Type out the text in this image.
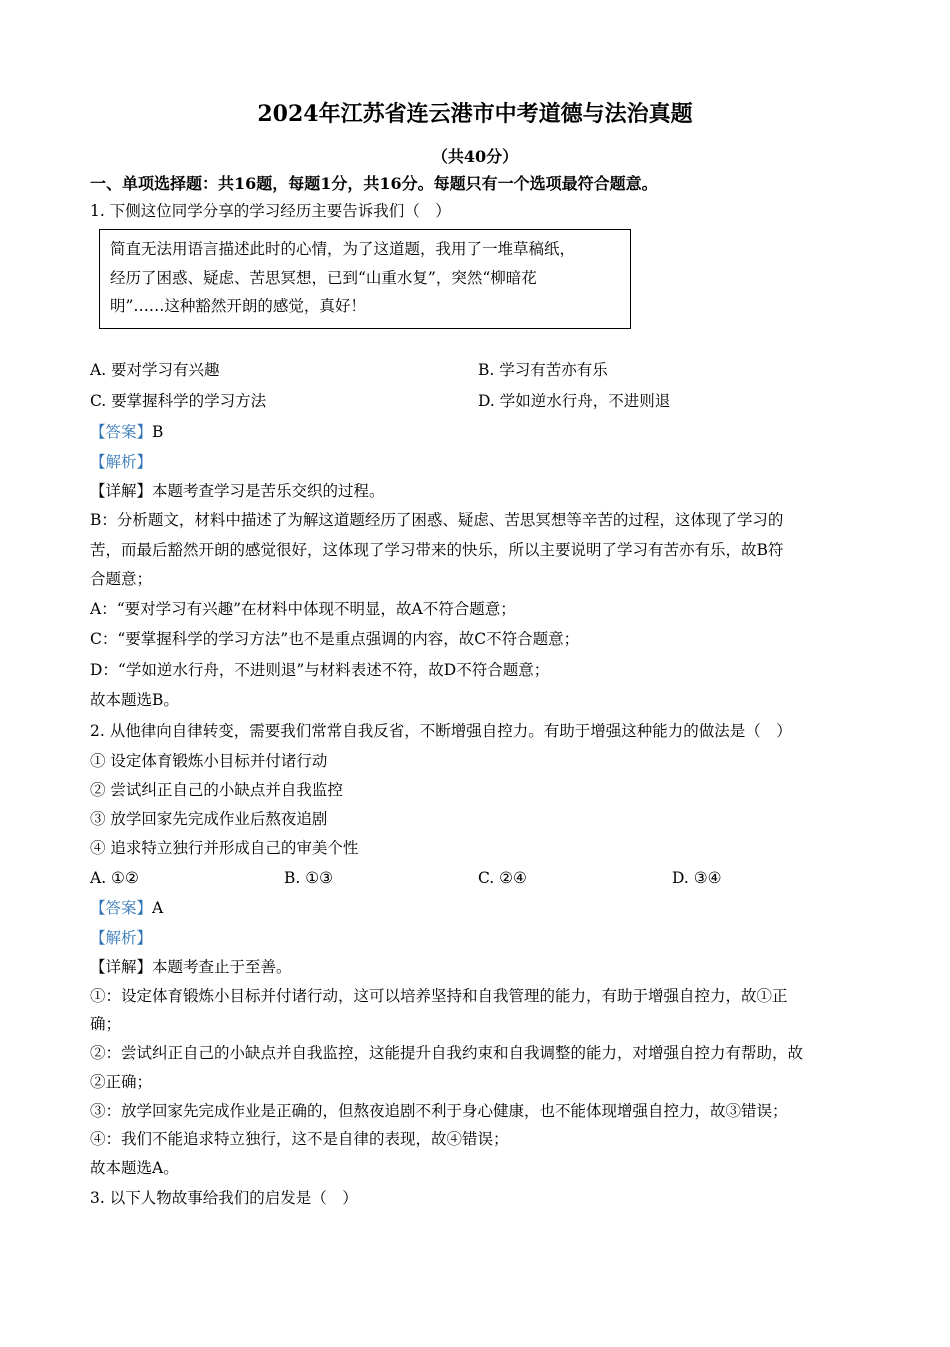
2024年江苏省连云港市中考道德与法治真题
（共40分）
一、单项选择题：共16题，每题1分，共16分。每题只有一个选项最符合题意。
1. 下侧这位同学分享的学习经历主要告诉我们（　）
简直无法用语言描述此时的心情，为了这道题，我用了一堆草稿纸，
经历了困惑、疑虑、苦思冥想，已到“山重水复”，突然“柳暗花
明”……这种豁然开朗的感觉，真好！
A. 要对学习有兴趣	B. 学习有苦亦有乐
C. 要掌握科学的学习方法	D. 学如逆水行舟，不进则退
【答案】B
【解析】
【详解】本题考查学习是苦乐交织的过程。
B：分析题文，材料中描述了为解这道题经历了困惑、疑虑、苦思冥想等辛苦的过程，这体现了学习的
苦，而最后豁然开朗的感觉很好，这体现了学习带来的快乐，所以主要说明了学习有苦亦有乐，故B符
合题意；
A：“要对学习有兴趣”在材料中体现不明显，故A不符合题意；
C：“要掌握科学的学习方法”也不是重点强调的内容，故C不符合题意；
D：“学如逆水行舟，不进则退”与材料表述不符，故D不符合题意；
故本题选B。
2. 从他律向自律转变，需要我们常常自我反省，不断增强自控力。有助于增强这种能力的做法是（　）
① 设定体育锻炼小目标并付诸行动
② 尝试纠正自己的小缺点并自我监控
③ 放学回家先完成作业后熬夜追剧
④ 追求特立独行并形成自己的审美个性
A. ①②	B. ①③	C. ②④	D. ③④
【答案】A
【解析】
【详解】本题考查止于至善。
①：设定体育锻炼小目标并付诸行动，这可以培养坚持和自我管理的能力，有助于增强自控力，故①正
确；
②：尝试纠正自己的小缺点并自我监控，这能提升自我约束和自我调整的能力，对增强自控力有帮助，故
②正确；
③：放学回家先完成作业是正确的，但熬夜追剧不利于身心健康，也不能体现增强自控力，故③错误；
④：我们不能追求特立独行，这不是自律的表现，故④错误；
故本题选A。
3. 以下人物故事给我们的启发是（　）
